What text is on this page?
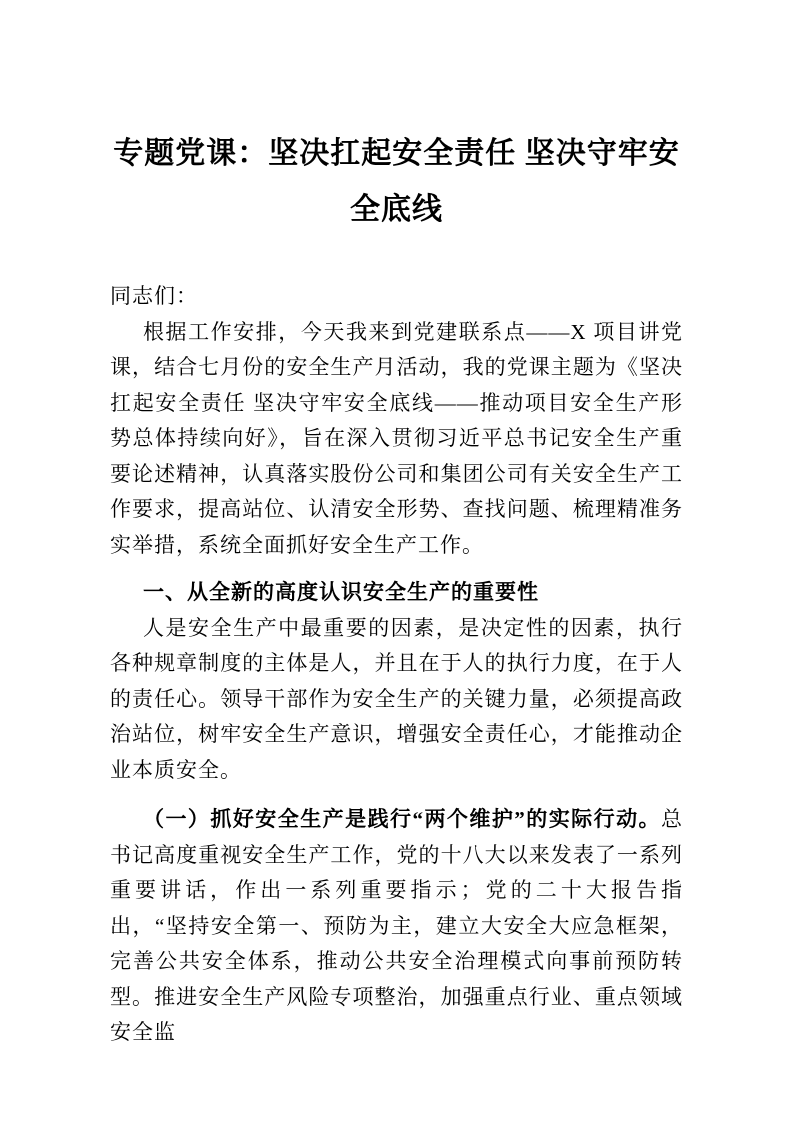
专题党课：坚决扛起安全责任 坚决守牢安
全底线

同志们：

根据工作安排，今天我来到党建联系点——X 项目讲党课，结合七月份的安全生产月活动，我的党课主题为《坚决扛起安全责任 坚决守牢安全底线——推动项目安全生产形势总体持续向好》，旨在深入贯彻习近平总书记安全生产重要论述精神，认真落实股份公司和集团公司有关安全生产工作要求，提高站位、认清安全形势、查找问题、梳理精准务实举措，系统全面抓好安全生产工作。

一、从全新的高度认识安全生产的重要性

人是安全生产中最重要的因素，是决定性的因素，执行各种规章制度的主体是人，并且在于人的执行力度，在于人的责任心。领导干部作为安全生产的关键力量，必须提高政治站位，树牢安全生产意识，增强安全责任心，才能推动企业本质安全。

（一）抓好安全生产是践行“两个维护”的实际行动。总书记高度重视安全生产工作，党的十八大以来发表了一系列重要讲话，作出一系列重要指示；党的二十大报告指出，“坚持安全第一、预防为主，建立大安全大应急框架，完善公共安全体系，推动公共安全治理模式向事前预防转型。推进安全生产风险专项整治，加强重点行业、重点领域安全监
